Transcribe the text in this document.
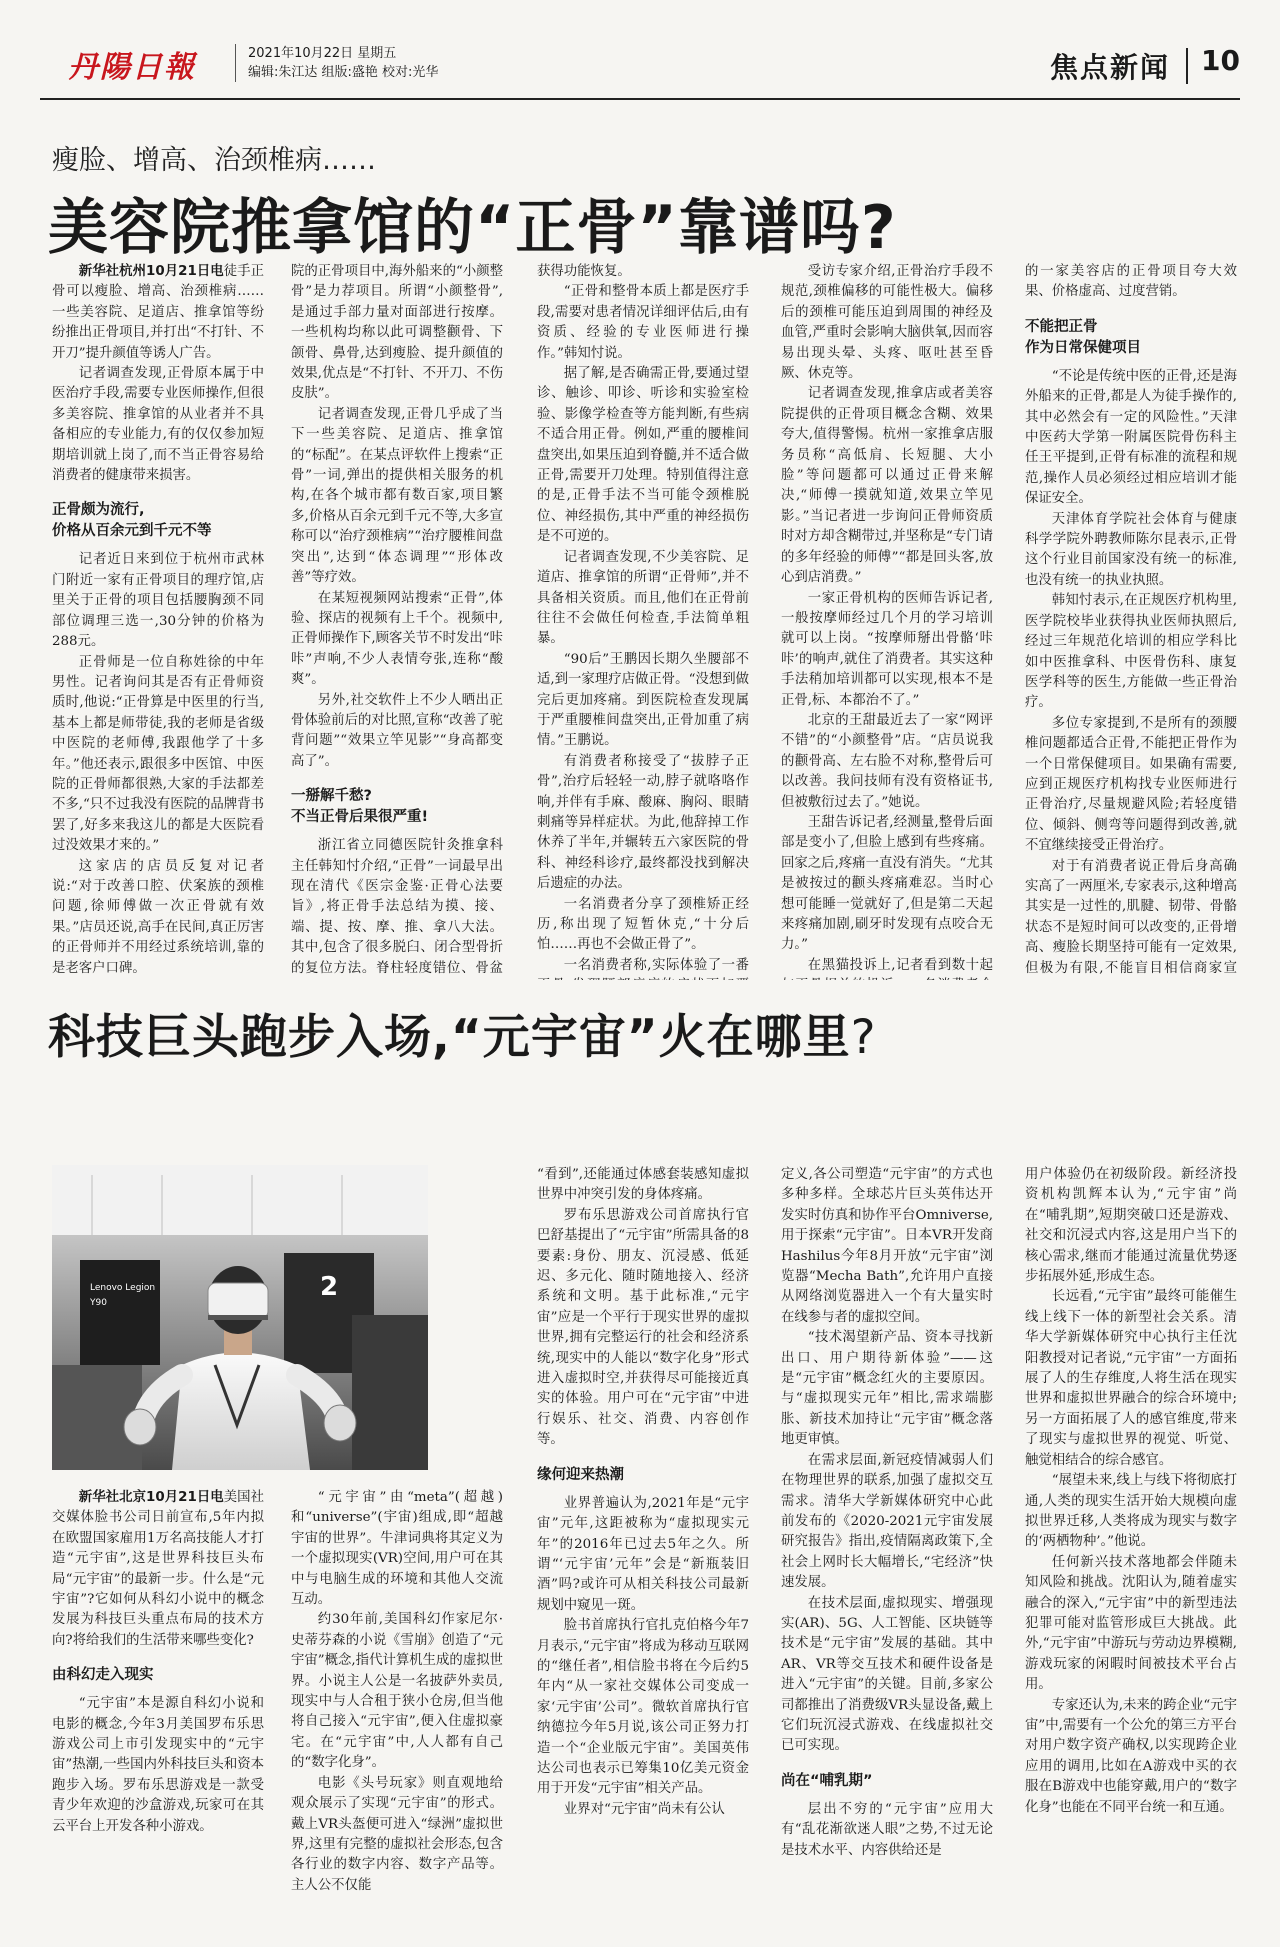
丹陽日報	2021年10月22日 星期五
编辑:朱江达 组版:盛艳 校对:光华	焦点新闻 10
瘦脸、增高、治颈椎病……
美容院推拿馆的“正骨”靠谱吗?

新华社杭州10月21日电徒手正骨可以瘦脸、增高、治颈椎病……一些美容院、足道店、推拿馆等纷纷推出正骨项目,并打出“不打针、不开刀”提升颜值等诱人广告。

记者调查发现,正骨原本属于中医治疗手段,需要专业医师操作,但很多美容院、推拿馆的从业者并不具备相应的专业能力,有的仅仅参加短期培训就上岗了,而不当正骨容易给消费者的健康带来损害。

正骨颇为流行,
价格从百余元到千元不等

记者近日来到位于杭州市武林门附近一家有正骨项目的理疗馆,店里关于正骨的项目包括腰胸颈不同部位调理三选一,30分钟的价格为288元。

正骨师是一位自称姓徐的中年男性。记者询问其是否有正骨师资质时,他说:“正骨算是中医里的行当,基本上都是师带徒,我的老师是省级中医院的老师傅,我跟他学了十多年。”他还表示,跟很多中医馆、中医院的正骨师都很熟,大家的手法都差不多,“只不过我没有医院的品牌背书罢了,好多来我这儿的都是大医院看过没效果才来的。”

这家店的店员反复对记者说:“对于改善口腔、伏案族的颈椎问题,徐师傅做一次正骨就有效果。”店员还说,高手在民间,真正厉害的正骨师并不用经过系统培训,靠的是老客户口碑。

院的正骨项目中,海外船来的“小颜整骨”是力荐项目。所谓“小颜整骨”,是通过手部力量对面部进行按摩。一些机构均称以此可调整颧骨、下颌骨、鼻骨,达到瘦脸、提升颜值的效果,优点是“不打针、不开刀、不伤皮肤”。

记者调查发现,正骨几乎成了当下一些美容院、足道店、推拿馆的“标配”。在某点评软件上搜索“正骨”一词,弹出的提供相关服务的机构,在各个城市都有数百家,项目繁多,价格从百余元到千元不等,大多宣称可以“治疗颈椎病”“治疗腰椎间盘突出”,达到“体态调理”“形体改善”等疗效。

在某短视频网站搜索“正骨”,体验、探店的视频有上千个。视频中,正骨师操作下,顾客关节不时发出“咔咔”声响,不少人表情夸张,连称“酸爽”。

另外,社交软件上不少人晒出正骨体验前后的对比照,宣称“改善了驼背问题”“效果立竿见影”“身高都变高了”。

一掰解千愁?
不当正骨后果很严重!

浙江省立同德医院针灸推拿科主任韩知忖介绍,“正骨”一词最早出现在清代《医宗金鉴·正骨心法要旨》,将正骨手法总结为摸、接、端、提、按、摩、推、拿八大法。其中,包含了很多脱臼、闭合型骨折的复位方法。脊柱轻度错位、骨盆

获得功能恢复。

“正骨和整骨本质上都是医疗手段,需要对患者情况详细评估后,由有资质、经验的专业医师进行操作。”韩知忖说。

据了解,是否确需正骨,要通过望诊、触诊、叩诊、听诊和实验室检验、影像学检查等方能判断,有些病不适合用正骨。例如,严重的腰椎间盘突出,如果压迫到脊髓,并不适合做正骨,需要开刀处理。特别值得注意的是,正骨手法不当可能令颈椎脱位、神经损伤,其中严重的神经损伤是不可逆的。

记者调查发现,不少美容院、足道店、推拿馆的所谓“正骨师”,并不具备相关资质。而且,他们在正骨前往往不会做任何检查,手法简单粗暴。

“90后”王鹏因长期久坐腰部不适,到一家理疗店做正骨。“没想到做完后更加疼痛。到医院检查发现属于严重腰椎间盘突出,正骨加重了病情。”王鹏说。

有消费者称接受了“拔脖子正骨”,治疗后轻轻一动,脖子就咯咯作响,并伴有手麻、酸麻、胸闷、眼睛刺痛等异样症状。为此,他辞掉工作休养了半年,并辗转五六家医院的骨科、神经科诊疗,最终都没找到解决后遗症的办法。

一名消费者分享了颈椎矫正经历,称出现了短暂休克,“十分后怕……再也不会做正骨了”。

一名消费者称,实际体验了一番

受访专家介绍,正骨治疗手段不规范,颈椎偏移的可能性极大。偏移后的颈椎可能压迫到周围的神经及血管,严重时会影响大脑供氧,因而容易出现头晕、头疼、呕吐甚至昏厥、休克等。

记者调查发现,推拿店或者美容院提供的正骨项目概念含糊、效果夸大,值得警惕。杭州一家推拿店服务员称“高低肩、长短腿、大小脸”等问题都可以通过正骨来解决,“师傅一摸就知道,效果立竿见影。”当记者进一步询问正骨师资质时对方却含糊带过,并坚称是“专门请的多年经验的师傅”“都是回头客,放心到店消费。”

一家正骨机构的医师告诉记者,一般按摩师经过几个月的学习培训就可以上岗。“按摩师掰出骨骼‘咔咔’的响声,就住了消费者。其实这种手法稍加培训都可以实现,根本不是正骨,标、本都治不了。”

北京的王甜最近去了一家“网评不错”的“小颜整骨”店。“店员说我的颧骨高、左右脸不对称,整骨后可以改善。我问技师有没有资格证书,但被敷衍过去了。”她说。

王甜告诉记者,经测量,整骨后面部是变小了,但脸上感到有些疼痛。回家之后,疼痛一直没有消失。“尤其是被按过的颧头疼痛难忍。当时心想可能睡一觉就好了,但是第二天起来疼痛加剧,刷牙时发现有点咬合无力。”

在黑猫投诉上,记者看到数十起

的一家美容店的正骨项目夸大效果、价格虚高、过度营销。

不能把正骨
作为日常保健项目

“不论是传统中医的正骨,还是海外船来的正骨,都是人为徒手操作的,其中必然会有一定的风险性。”天津中医药大学第一附属医院骨伤科主任王平提到,正骨有标准的流程和规范,操作人员必须经过相应培训才能保证安全。

天津体育学院社会体育与健康科学学院外聘教师陈尔昆表示,正骨这个行业目前国家没有统一的标准,也没有统一的执业执照。

韩知忖表示,在正规医疗机构里,医学院校毕业获得执业医师执照后,经过三年规范化培训的相应学科比如中医推拿科、中医骨伤科、康复医学科等的医生,方能做一些正骨治疗。

多位专家提到,不是所有的颈腰椎问题都适合正骨,不能把正骨作为一个日常保健项目。如果确有需要,应到正规医疗机构找专业医师进行正骨治疗,尽量规避风险;若轻度错位、倾斜、侧弯等问题得到改善,就不宜继续接受正骨治疗。

对于有消费者说正骨后身高确实高了一两厘米,专家表示,这种增高其实是一过性的,肌腱、韧带、骨骼状态不是短时间可以改变的,正骨增高、瘦脸长期坚持可能有一定效果,但极为有限,不能盲目相信商家宣

科技巨头跑步入场,“元宇宙”火在哪里?
Lenovo Legion
Y90
2

新华社北京10月21日电美国社交媒体脸书公司日前宣布,5年内拟在欧盟国家雇用1万名高技能人才打造“元宇宙”,这是世界科技巨头布局“元宇宙”的最新一步。什么是“元宇宙”?它如何从科幻小说中的概念发展为科技巨头重点布局的技术方向?将给我们的生活带来哪些变化?

由科幻走入现实

“元宇宙”本是源自科幻小说和电影的概念,今年3月美国罗布乐思游戏公司上市引发现实中的“元宇宙”热潮,一些国内外科技巨头和资本跑步入场。罗布乐思游戏是一款受青少年欢迎的沙盒游戏,玩家可在其云平台上开发各种小游戏。

“元宇宙”由“meta”(超越)和“universe”(宇宙)组成,即“超越宇宙的世界”。牛津词典将其定义为一个虚拟现实(VR)空间,用户可在其中与电脑生成的环境和其他人交流互动。

约30年前,美国科幻作家尼尔·史蒂芬森的小说《雪崩》创造了“元宇宙”概念,指代计算机生成的虚拟世界。小说主人公是一名披萨外卖员,现实中与人合租于狭小仓房,但当他将自己接入“元宇宙”,便入住虚拟豪宅。在“元宇宙”中,人人都有自己的“数字化身”。

电影《头号玩家》则直观地给观众展示了实现“元宇宙”的形式。戴上VR头盔便可进入“绿洲”虚拟世界,这里有完整的虚拟社会形态,包含各行业的数字内容、数字产品等。主人公不仅能

“看到”,还能通过体感套装感知虚拟世界中冲突引发的身体疼痛。

罗布乐思游戏公司首席执行官巴舒基提出了“元宇宙”所需具备的8要素:身份、朋友、沉浸感、低延迟、多元化、随时随地接入、经济系统和文明。基于此标准,“元宇宙”应是一个平行于现实世界的虚拟世界,拥有完整运行的社会和经济系统,现实中的人能以“数字化身”形式进入虚拟时空,并获得尽可能接近真实的体验。用户可在“元宇宙”中进行娱乐、社交、消费、内容创作等。

缘何迎来热潮

业界普遍认为,2021年是“元宇宙”元年,这距被称为“虚拟现实元年”的2016年已过去5年之久。所谓“‘元宇宙’元年”会是“新瓶装旧酒”吗?或许可从相关科技公司最新规划中窥见一斑。

脸书首席执行官扎克伯格今年7月表示,“元宇宙”将成为移动互联网的“继任者”,相信脸书将在今后约5年内“从一家社交媒体公司变成一家‘元宇宙’公司”。微软首席执行官纳德拉今年5月说,该公司正努力打造一个“企业版元宇宙”。美国英伟达公司也表示已筹集10亿美元资金用于开发“元宇宙”相关产品。

业界对“元宇宙”尚未有公认

定义,各公司塑造“元宇宙”的方式也多种多样。全球芯片巨头英伟达开发实时仿真和协作平台Omniverse,用于探索“元宇宙”。日本VR开发商Hashilus今年8月开放“元宇宙”浏览器“Mecha Bath”,允许用户直接从网络浏览器进入一个有大量实时在线参与者的虚拟空间。

“技术渴望新产品、资本寻找新出口、用户期待新体验”——这是“元宇宙”概念红火的主要原因。与“虚拟现实元年”相比,需求端膨胀、新技术加持让“元宇宙”概念落地更审慎。

在需求层面,新冠疫情减弱人们在物理世界的联系,加强了虚拟交互需求。清华大学新媒体研究中心此前发布的《2020-2021元宇宙发展研究报告》指出,疫情隔离政策下,全社会上网时长大幅增长,“宅经济”快速发展。

在技术层面,虚拟现实、增强现实(AR)、5G、人工智能、区块链等技术是“元宇宙”发展的基础。其中AR、VR等交互技术和硬件设备是进入“元宇宙”的关键。目前,多家公司都推出了消费级VR头显设备,戴上它们玩沉浸式游戏、在线虚拟社交已可实现。

尚在“哺乳期”

层出不穷的“元宇宙”应用大有“乱花渐欲迷人眼”之势,不过无论是技术水平、内容供给还是

用户体验仍在初级阶段。新经济投资机构凯辉本认为,“元宇宙”尚在“哺乳期”,短期突破口还是游戏、社交和沉浸式内容,这是用户当下的核心需求,继而才能通过流量优势逐步拓展外延,形成生态。

长远看,“元宇宙”最终可能催生线上线下一体的新型社会关系。清华大学新媒体研究中心执行主任沈阳教授对记者说,“元宇宙”一方面拓展了人的生存维度,人将生活在现实世界和虚拟世界融合的综合环境中;另一方面拓展了人的感官维度,带来了现实与虚拟世界的视觉、听觉、触觉相结合的综合感官。

“展望未来,线上与线下将彻底打通,人类的现实生活开始大规模向虚拟世界迁移,人类将成为现实与数字的‘两栖物种’。”他说。

任何新兴技术落地都会伴随未知风险和挑战。沈阳认为,随着虚实融合的深入,“元宇宙”中的新型违法犯罪可能对监管形成巨大挑战。此外,“元宇宙”中游玩与劳动边界模糊,游戏玩家的闲暇时间被技术平台占用。

专家还认为,未来的跨企业“元宇宙”中,需要有一个公允的第三方平台对用户数字资产确权,以实现跨企业应用的调用,比如在A游戏中买的衣服在B游戏中也能穿戴,用户的“数字化身”也能在不同平台统一和互通。
